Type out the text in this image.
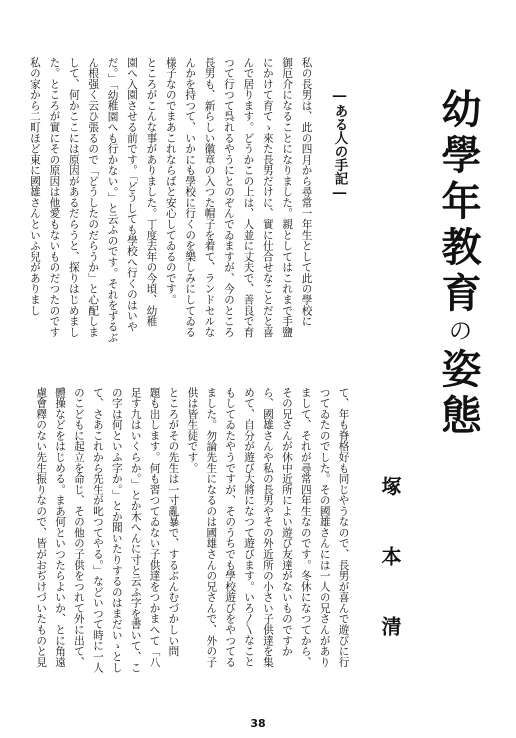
幼學年教育の姿態
塚本清
―ある人の手記―
私の長男は、此の四月から尋常一年生として此の學校に
御厄介になることになりました。親としてはこれまで手鹽
にかけて育てゝ來た長男だけに、實に仕合せなことだと喜
んで居ります。どうかこの上は、人並に丈夫で、善良で育
つて行つて呉れるやうにとのぞんでゐますが、今のところ
長男も、新らしい徽章の入つた帽子を着て、ランドセルな
んかを持つて、いかにも學校に行くのを樂しみにしてゐる
様子なのでまあこれならばと安心してゐるのです。
ところがこんな事がありました。丁度去年の今頃、幼稚
園へ入園させる前です。「どうしても學校へ行くのはいや
だ。」「幼稚園へも行かない。」と云ふのです。それをずるぶ
ん根强く云ひ張るので「どうしたのだらうか」と心配しま
して、何かここには原因があるだらうと、探りはじめまし
た。ところが實にその原因は他愛もないものだつたのです
私の家から二町ほど東に國雄さんといふ兒がありまし
て、年も脊格好も同じやうなので、長男が喜んで遊びに行
つてゐたのでした。その國雄さんには一人の兄さんがあり
まして、それが尋常四年生なのです。冬休になつてから、
その兄さんが休中近所によい遊び友達がないものですか
ら、國雄さんや私の長男やその外近所の小さい子供達を集
めて、自分が遊び大將になつて遊びます。いろ〳〵なこと
もしてゐたやうですが、そのうちでも學校遊びをやつてる
ました。勿論先生になるのは國雄さんの兄さんで、外の子
供は皆生徒です。
ところがその先生は一寸亂暴で、するぶんむづかしい問
題も出します。何も習つてゐない子供達をつかまへて「八
足す九はいくらか。」とか木へんに寸と云ふ字を書いて、こ
の字は何といふ字か。」とか聞いたりするのはまだいゝとし
て、さあこれから先生が叱つてやる。」などいつて時に一人
のこどもに起立を命じ、その他の子供をつれて外に出て、
體操などをはじめる。まあ何といつたらよいか、とに角遠
慮會釋のない先生振りなので、皆がおぢけづいたものと見
38
